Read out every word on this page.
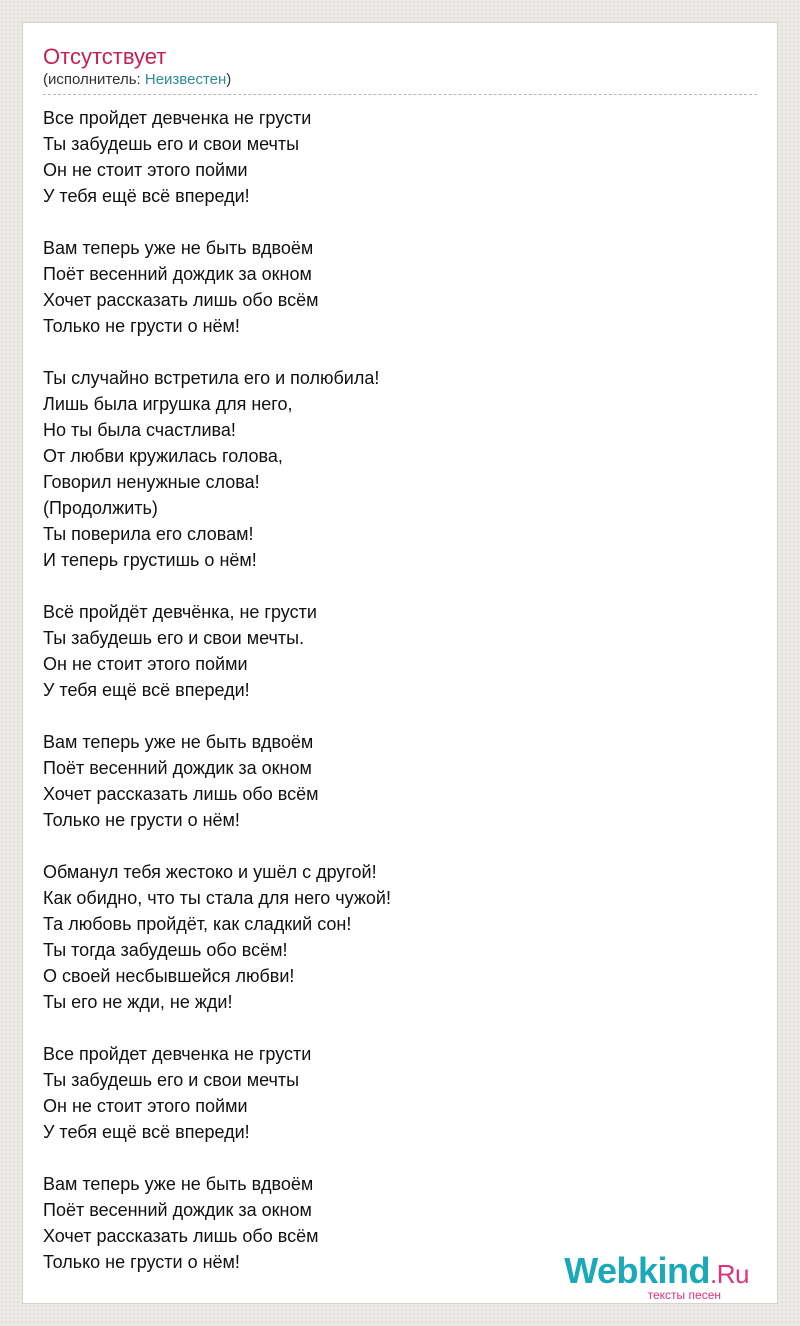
Отсутствует
(исполнитель: Неизвестен)
Все пройдет девченка не грусти
Ты забудешь его и свои мечты
Он не стоит этого пойми
У тебя ещё всё впереди!
Вам теперь уже не быть вдвоём
Поёт весенний дождик за окном
Хочет рассказать лишь обо всём
Только не грусти о нём!
Ты случайно встретила его и полюбила!
Лишь была игрушка для него,
Но ты была счастлива!
От любви кружилась голова,
Говорил ненужные слова!
(Продолжить)
Ты поверила его словам!
И теперь грустишь о нём!
Всё пройдёт девчёнка, не грусти
Ты забудешь его и свои мечты.
Он не стоит этого пойми
У тебя ещё всё впереди!
Вам теперь уже не быть вдвоём
Поёт весенний дождик за окном
Хочет рассказать лишь обо всём
Только не грусти о нём!
Обманул тебя жестоко и ушёл с другой!
Как обидно, что ты стала для него чужой!
Та любовь пройдёт, как сладкий сон!
Ты тогда забудешь обо всём!
О своей несбывшейся любви!
Ты его не жди, не жди!
Все пройдет девченка не грусти
Ты забудешь его и свои мечты
Он не стоит этого пойми
У тебя ещё всё впереди!
Вам теперь уже не быть вдвоём
Поёт весенний дождик за окном
Хочет рассказать лишь обо всём
Только не грусти о нём!	Webkind.Ru
тексты песен
